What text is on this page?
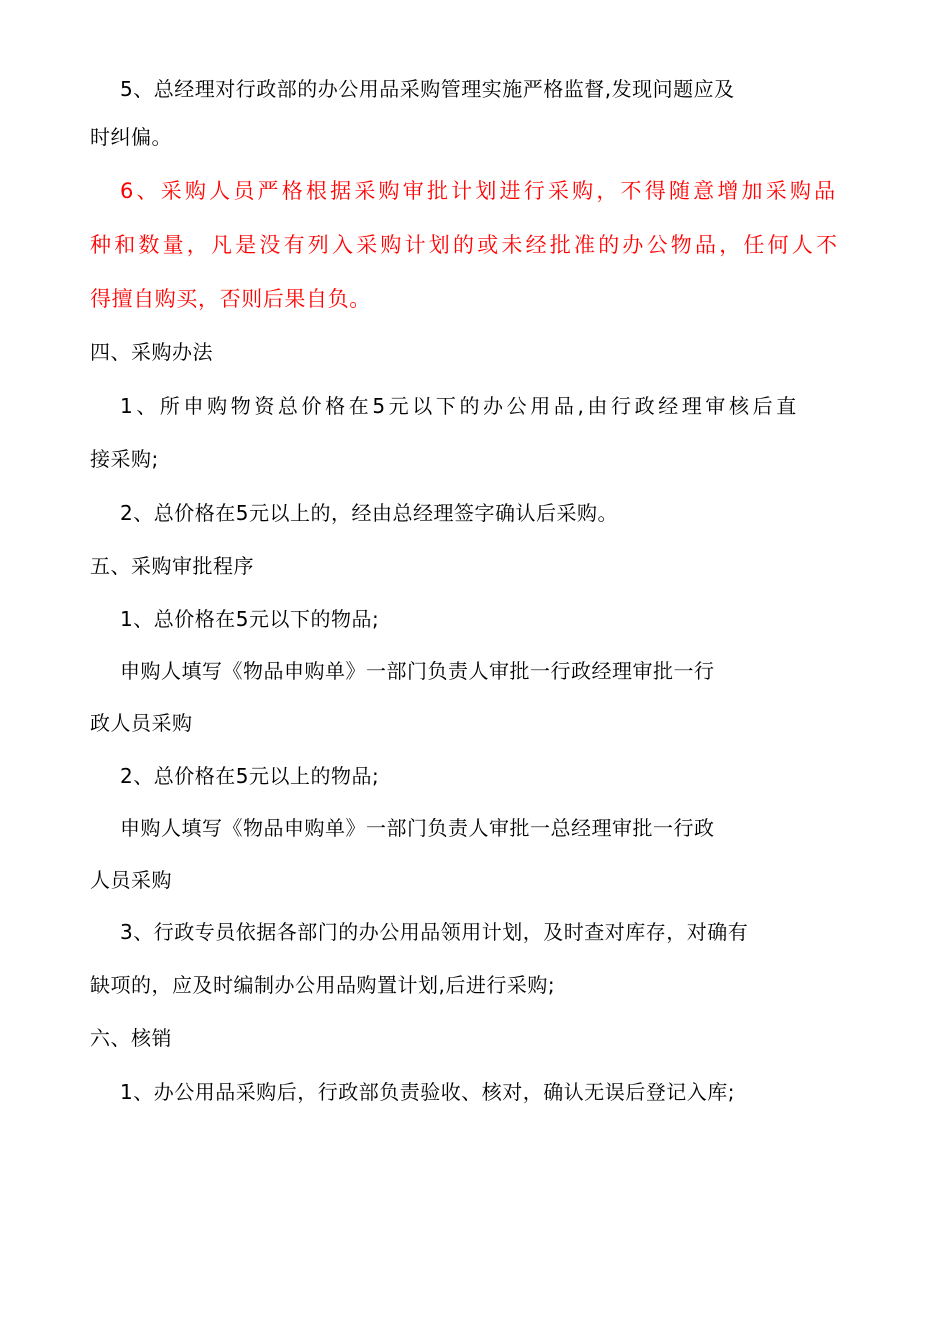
5、总经理对行政部的办公用品采购管理实施严格监督,发现问题应及
时纠偏。
6、采购人员严格根据采购审批计划进行采购，不得随意增加采购品
种和数量，凡是没有列入采购计划的或未经批准的办公物品，任何人不
得擅自购买，否则后果自负。
四、采购办法
1、所申购物资总价格在5元以下的办公用品,由行政经理审核后直
接采购;
2、总价格在5元以上的，经由总经理签字确认后采购。
五、采购审批程序
1、总价格在5元以下的物品;
申购人填写《物品申购单》一部门负责人审批一行政经理审批一行
政人员采购
2、总价格在5元以上的物品;
申购人填写《物品申购单》一部门负责人审批一总经理审批一行政
人员采购
3、行政专员依据各部门的办公用品领用计划，及时查对库存，对确有
缺项的，应及时编制办公用品购置计划,后进行采购;
六、核销
1、办公用品采购后，行政部负责验收、核对，确认无误后登记入库;
